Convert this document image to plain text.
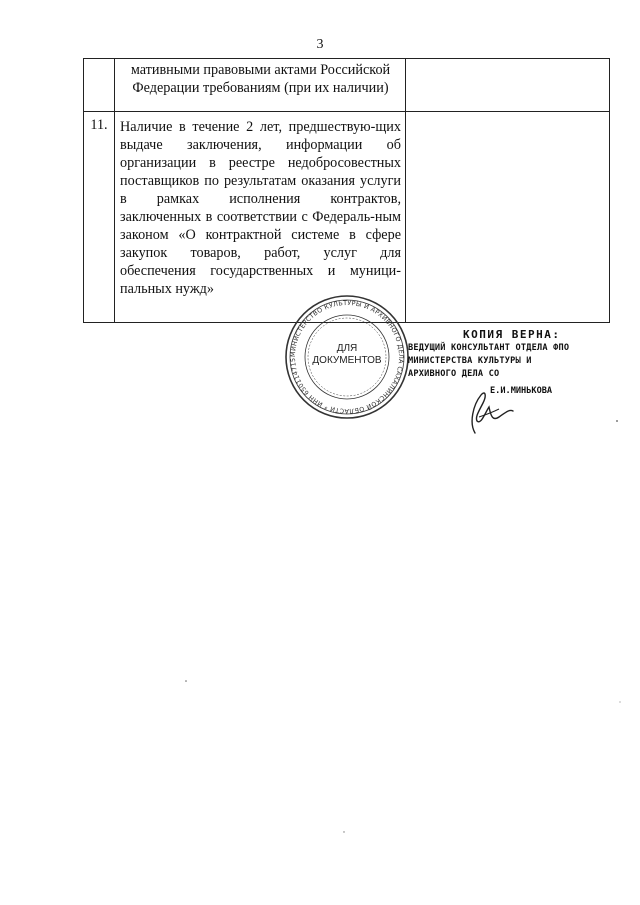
3
	мативными правовыми актами Российской Федерации требованиям (при их наличии)	
11.	Наличие в течение 2 лет, предшествую-щих выдаче заключения, информации об организации в реестре недобросовестных поставщиков по результатам оказания услуги в рамках исполнения контрактов, заключенных в соответствии с Федераль-ным законом «О контрактной системе в сфере закупок товаров, работ, услуг для обеспечения государственных и муници-пальных нужд»	
МИНИСТЕРСТВО КУЛЬТУРЫ И АРХИВНОГО ДЕЛА САХАЛИНСКОЙ ОБЛАСТИ * ИНН 650114715
ДЛЯ
ДОКУМЕНТОВ
КОПИЯ ВЕРНА:
ВЕДУЩИЙ КОНСУЛЬТАНТ ОТДЕЛА ФПО
МИНИСТЕРСТВА КУЛЬТУРЫ И
АРХИВНОГО ДЕЛА СО
Е.И.МИНЬКОВА
